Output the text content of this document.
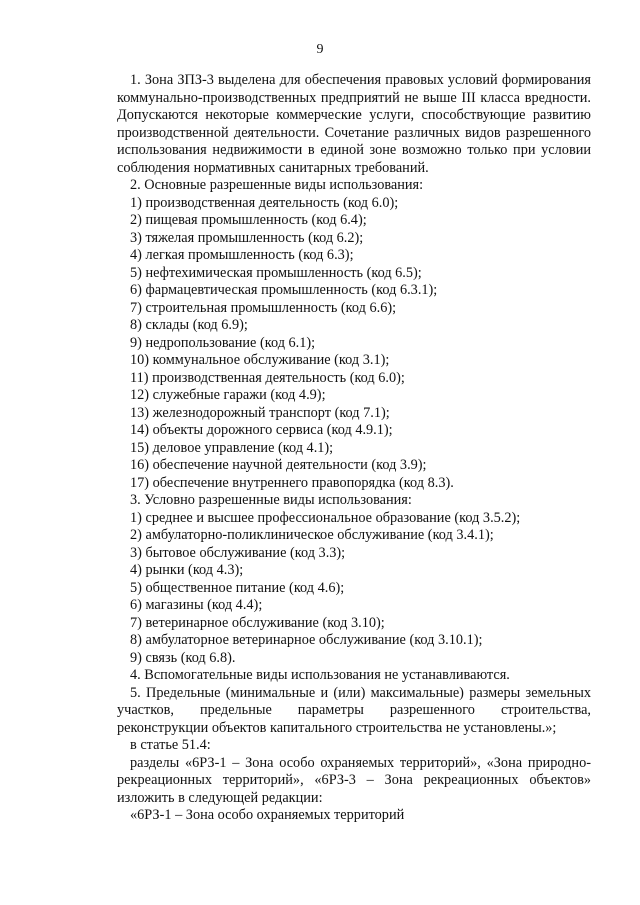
9

1. Зона ЗПЗ-3 выделена для обеспечения правовых условий формирования коммунально-производственных предприятий не выше III класса вредности. Допускаются некоторые коммерческие услуги, способствующие развитию производственной деятельности. Сочетание различных видов разрешенного использования недвижимости в единой зоне возможно только при условии соблюдения нормативных санитарных требований.

2. Основные разрешенные виды использования:

1) производственная деятельность (код 6.0);

2) пищевая промышленность (код 6.4);

3) тяжелая промышленность (код 6.2);

4) легкая промышленность (код 6.3);

5) нефтехимическая промышленность (код 6.5);

6) фармацевтическая промышленность (код 6.3.1);

7) строительная промышленность (код 6.6);

8) склады (код 6.9);

9) недропользование (код 6.1);

10) коммунальное обслуживание (код 3.1);

11) производственная деятельность (код 6.0);

12) служебные гаражи (код 4.9);

13) железнодорожный транспорт (код 7.1);

14) объекты дорожного сервиса (код 4.9.1);

15) деловое управление (код 4.1);

16) обеспечение научной деятельности (код 3.9);

17) обеспечение внутреннего правопорядка (код 8.3).

3. Условно разрешенные виды использования:

1) среднее и высшее профессиональное образование (код 3.5.2);

2) амбулаторно-поликлиническое обслуживание (код 3.4.1);

3) бытовое обслуживание (код 3.3);

4) рынки (код 4.3);

5) общественное питание (код 4.6);

6) магазины (код 4.4);

7) ветеринарное обслуживание (код 3.10);

8) амбулаторное ветеринарное обслуживание (код 3.10.1);

9) связь (код 6.8).

4. Вспомогательные виды использования не устанавливаются.

5. Предельные (минимальные и (или) максимальные) размеры земельных участков, предельные параметры разрешенного строительства, реконструкции объектов капитального строительства не установлены.»;

в статье 51.4:

разделы «6РЗ-1 – Зона особо охраняемых территорий», «Зона природно-рекреационных территорий», «6РЗ-3 – Зона рекреационных объектов» изложить в следующей редакции:

«6РЗ-1 – Зона особо охраняемых территорий
